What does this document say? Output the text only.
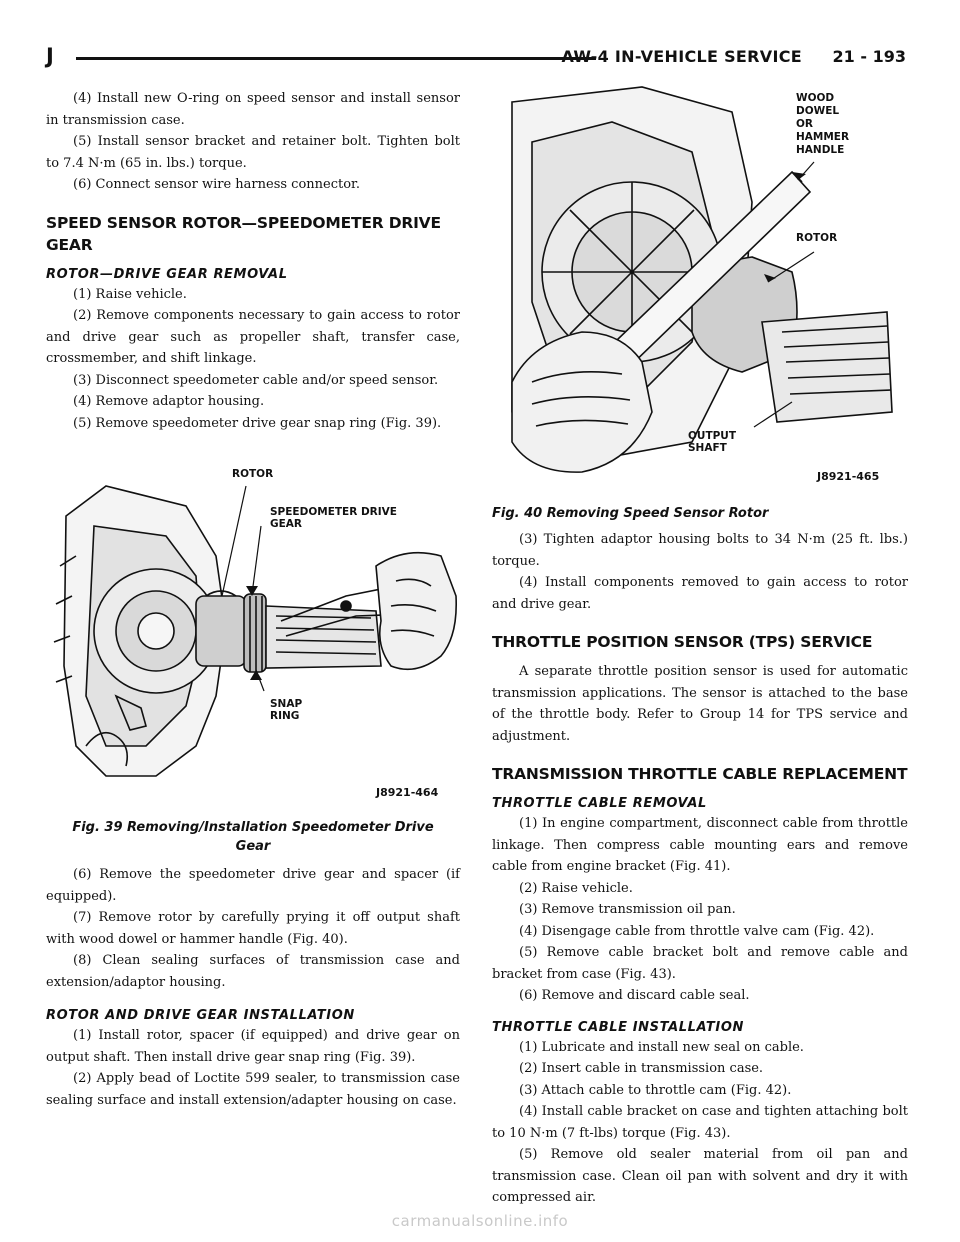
J	AW-4 IN-VEHICLE SERVICE 21 - 193

(4) Install new O-ring on speed sensor and install sensor in transmission case.

(5) Install sensor bracket and retainer bolt. Tighten bolt to 7.4 N·m (65 in. lbs.) torque.

(6) Connect sensor wire harness connector.

SPEED SENSOR ROTOR—SPEEDOMETER DRIVE GEAR
ROTOR—DRIVE GEAR REMOVAL

(1) Raise vehicle.

(2) Remove components necessary to gain access to rotor and drive gear such as propeller shaft, transfer case, crossmember, and shift linkage.

(3) Disconnect speedometer cable and/or speed sensor.

(4) Remove adaptor housing.

(5) Remove speedometer drive gear snap ring (Fig. 39).

ROTOR
SPEEDOMETER DRIVE
GEAR
SNAP
RING
J8921-464
Fig. 39 Removing/Installation Speedometer Drive
Gear

(6) Remove the speedometer drive gear and spacer (if equipped).

(7) Remove rotor by carefully prying it off output shaft with wood dowel or hammer handle (Fig. 40).

(8) Clean sealing surfaces of transmission case and extension/adaptor housing.

ROTOR AND DRIVE GEAR INSTALLATION

(1) Install rotor, spacer (if equipped) and drive gear on output shaft. Then install drive gear snap ring (Fig. 39).

(2) Apply bead of Loctite 599 sealer, to transmission case sealing surface and install extension/adapter housing on case.

WOOD
DOWEL
OR
HAMMER
HANDLE
ROTOR
OUTPUT
SHAFT
J8921-465
Fig. 40 Removing Speed Sensor Rotor

(3) Tighten adaptor housing bolts to 34 N·m (25 ft. lbs.) torque.

(4) Install components removed to gain access to rotor and drive gear.

THROTTLE POSITION SENSOR (TPS) SERVICE

A separate throttle position sensor is used for automatic transmission applications. The sensor is attached to the base of the throttle body. Refer to Group 14 for TPS service and adjustment.

TRANSMISSION THROTTLE CABLE REPLACEMENT
THROTTLE CABLE REMOVAL

(1) In engine compartment, disconnect cable from throttle linkage. Then compress cable mounting ears and remove cable from engine bracket (Fig. 41).

(2) Raise vehicle.

(3) Remove transmission oil pan.

(4) Disengage cable from throttle valve cam (Fig. 42).

(5) Remove cable bracket bolt and remove cable and bracket from case (Fig. 43).

(6) Remove and discard cable seal.

THROTTLE CABLE INSTALLATION

(1) Lubricate and install new seal on cable.

(2) Insert cable in transmission case.

(3) Attach cable to throttle cam (Fig. 42).

(4) Install cable bracket on case and tighten attaching bolt to 10 N·m (7 ft-lbs) torque (Fig. 43).

(5) Remove old sealer material from oil pan and transmission case. Clean oil pan with solvent and dry it with compressed air.

carmanualsonline.info
